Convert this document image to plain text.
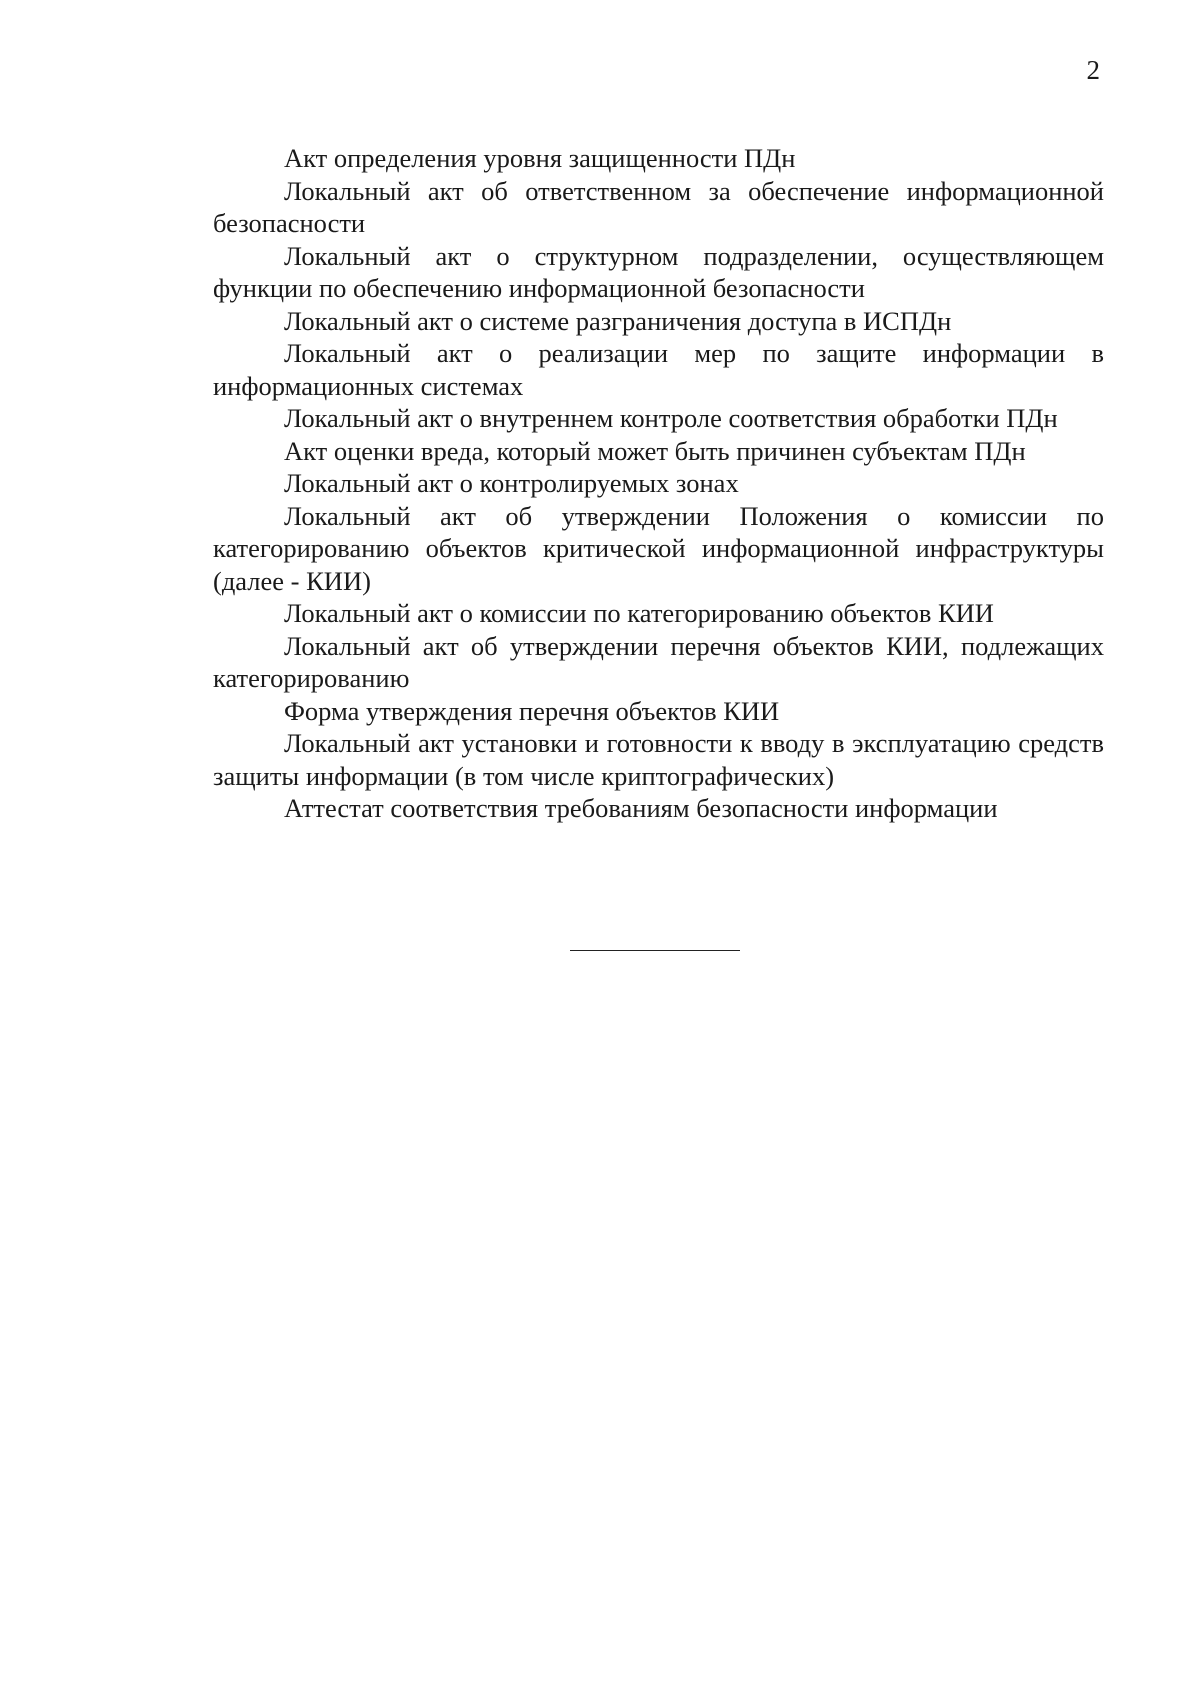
2

Акт определения уровня защищенности ПДн

Локальный акт об ответственном за обеспечение информационной безопасности

Локальный акт о структурном подразделении, осуществляющем функции по обеспечению информационной безопасности

Локальный акт о системе разграничения доступа в ИСПДн

Локальный акт о реализации мер по защите информации в информационных системах

Локальный акт о внутреннем контроле соответствия обработки ПДн

Акт оценки вреда, который может быть причинен субъектам ПДн

Локальный акт о контролируемых зонах

Локальный акт об утверждении Положения о комиссии по категорированию объектов критической информационной инфраструктуры (далее - КИИ)

Локальный акт о комиссии по категорированию объектов КИИ

Локальный акт об утверждении перечня объектов КИИ, подлежащих категорированию

Форма утверждения перечня объектов КИИ

Локальный акт установки и готовности к вводу в эксплуатацию средств защиты информации (в том числе криптографических)

Аттестат соответствия требованиям безопасности информации
